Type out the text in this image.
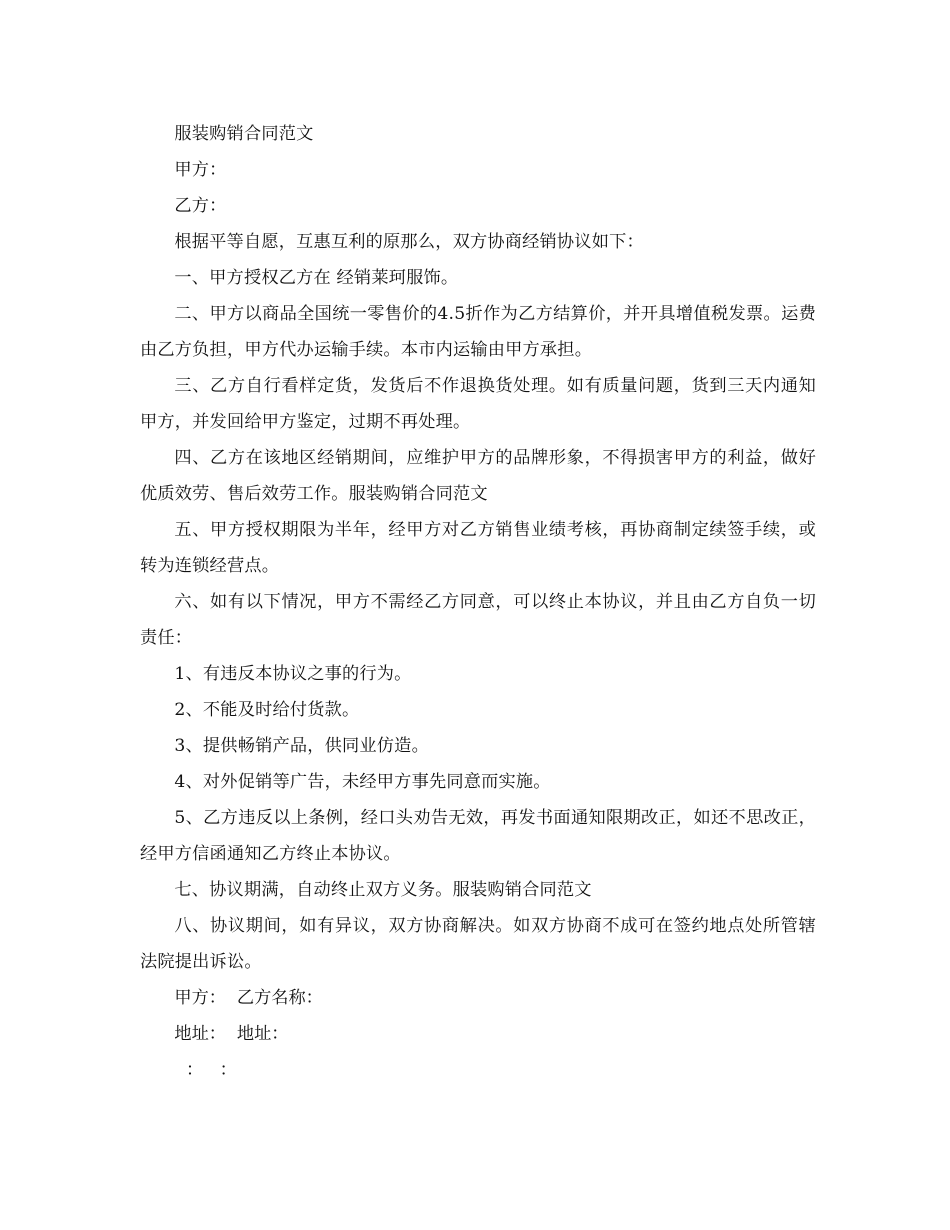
服装购销合同范文

甲方：

乙方：

根据平等自愿，互惠互利的原那么，双方协商经销协议如下：

一、甲方授权乙方在 经销莱珂服饰。

二、甲方以商品全国统一零售价的4.5折作为乙方结算价，并开具增值税发票。运费由乙方负担，甲方代办运输手续。本市内运输由甲方承担。

三、乙方自行看样定货，发货后不作退换货处理。如有质量问题，货到三天内通知甲方，并发回给甲方鉴定，过期不再处理。

四、乙方在该地区经销期间，应维护甲方的品牌形象，不得损害甲方的利益，做好优质效劳、售后效劳工作。服装购销合同范文

五、甲方授权期限为半年，经甲方对乙方销售业绩考核，再协商制定续签手续，或转为连锁经营点。

六、如有以下情况，甲方不需经乙方同意，可以终止本协议，并且由乙方自负一切责任：

1、有违反本协议之事的行为。

2、不能及时给付货款。

3、提供畅销产品，供同业仿造。

4、对外促销等广告，未经甲方事先同意而实施。

5、乙方违反以上条例，经口头劝告无效，再发书面通知限期改正，如还不思改正，经甲方信函通知乙方终止本协议。

七、协议期满，自动终止双方义务。服装购销合同范文

八、协议期间，如有异议，双方协商解决。如双方协商不成可在签约地点处所管辖法院提出诉讼。

甲方：  乙方名称：

地址：  地址：

：   ：
